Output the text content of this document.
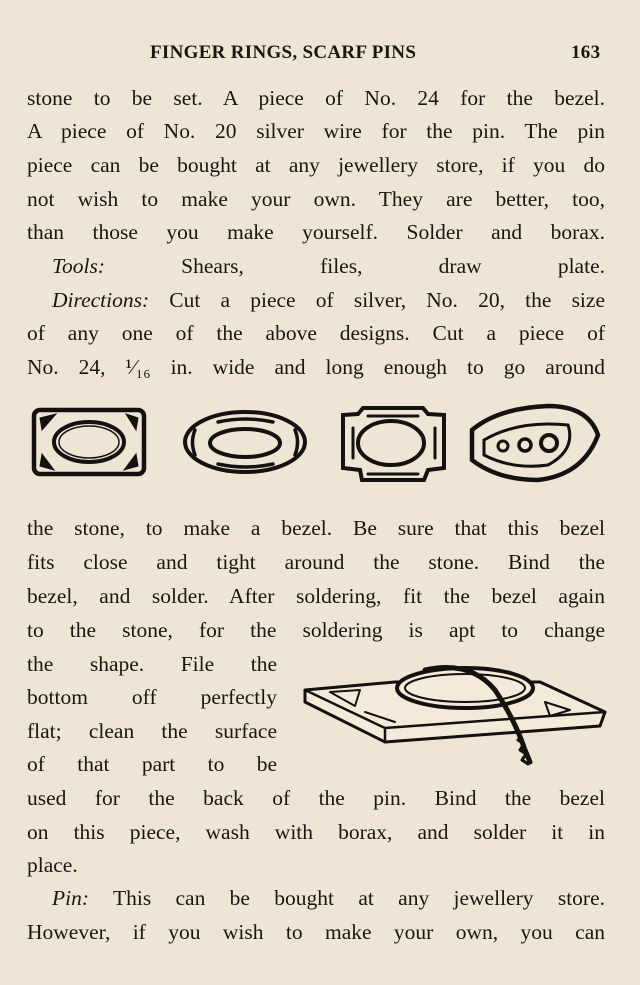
FINGER RINGS, SCARF PINS	163
stone to be set. A piece of No. 24 for the bezel.
A piece of No. 20 silver wire for the pin. The pin
piece can be bought at any jewellery store, if you do
not wish to make your own. They are better, too,
than those you make yourself. Solder and borax.
Tools: Shears, files, draw plate.
Directions: Cut a piece of silver, No. 20, the size
of any one of the above designs. Cut a piece of
No. 24, ¹⁄₁₆ in. wide and long enough to go around
the stone, to make a bezel. Be sure that this bezel
fits close and tight around the stone. Bind the
bezel, and solder. After soldering, fit the bezel again
to the stone, for the soldering is apt to change
the shape. File the
bottom off perfectly
flat; clean the surface
of that part to be
used for the back of the pin. Bind the bezel
on this piece, wash with borax, and solder it in
place.
Pin: This can be bought at any jewellery store.
However, if you wish to make your own, you can
